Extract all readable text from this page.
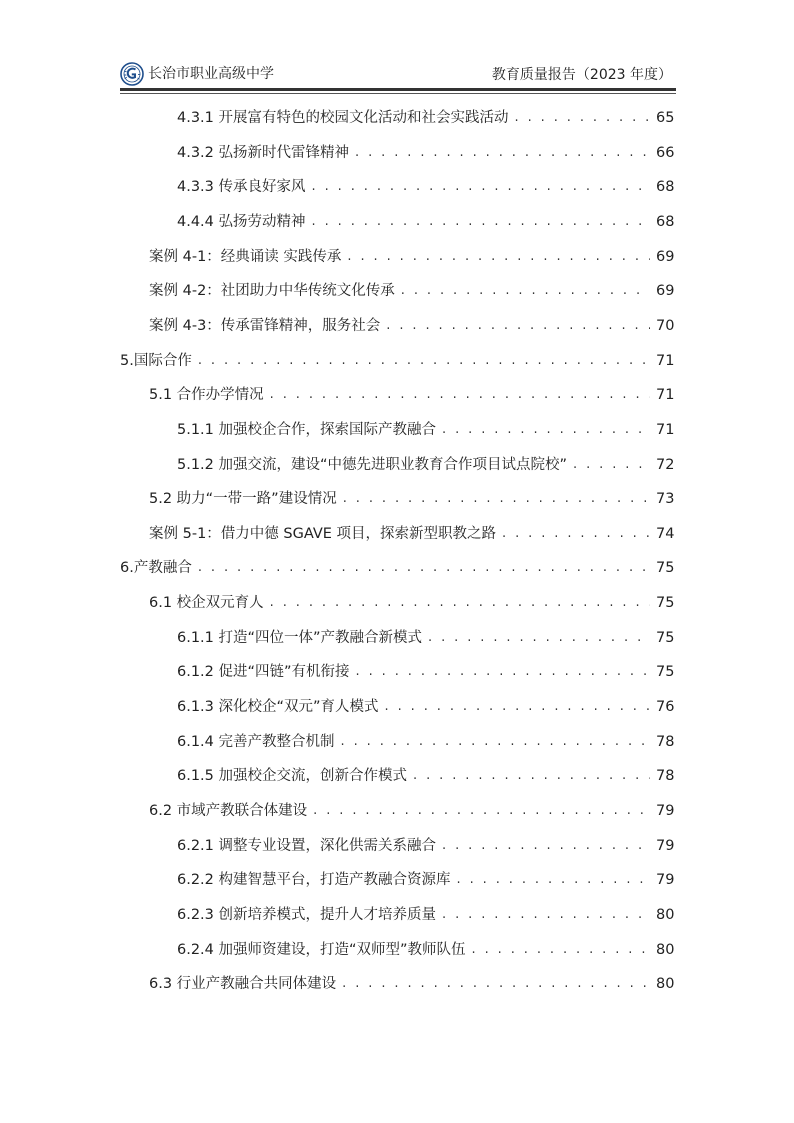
长治市职业高级中学	教育质量报告（2023 年度）
4.3.1 开展富有特色的校园文化活动和社会实践活动 . . .	65
4.3.2 弘扬新时代雷锋精神 . . .	66
4.3.3 传承良好家风 . . .	68
4.4.4 弘扬劳动精神 . . .	68
案例 4-1：经典诵读 实践传承 . . .	69
案例 4-2：社团助力中华传统文化传承 . . .	69
案例 4-3：传承雷锋精神，服务社会 . . .	70
5.国际合作 . . .	71
5.1 合作办学情况 . . .	71
5.1.1 加强校企合作，探索国际产教融合 . . .	71
5.1.2 加强交流，建设“中德先进职业教育合作项目试点院校” . . .	72
5.2 助力“一带一路”建设情况 . . .	73
案例 5-1：借力中德 SGAVE 项目，探索新型职教之路 . . .	74
6.产教融合 . . .	75
6.1 校企双元育人 . . .	75
6.1.1 打造“四位一体”产教融合新模式 . . .	75
6.1.2 促进“四链”有机衔接 . . .	75
6.1.3 深化校企“双元”育人模式 . . .	76
6.1.4 完善产教整合机制 . . .	78
6.1.5 加强校企交流，创新合作模式 . . .	78
6.2 市域产教联合体建设 . . .	79
6.2.1 调整专业设置，深化供需关系融合 . . .	79
6.2.2 构建智慧平台，打造产教融合资源库 . . .	79
6.2.3 创新培养模式，提升人才培养质量 . . .	80
6.2.4 加强师资建设，打造“双师型”教师队伍 . . .	80
6.3 行业产教融合共同体建设 . . .	80
